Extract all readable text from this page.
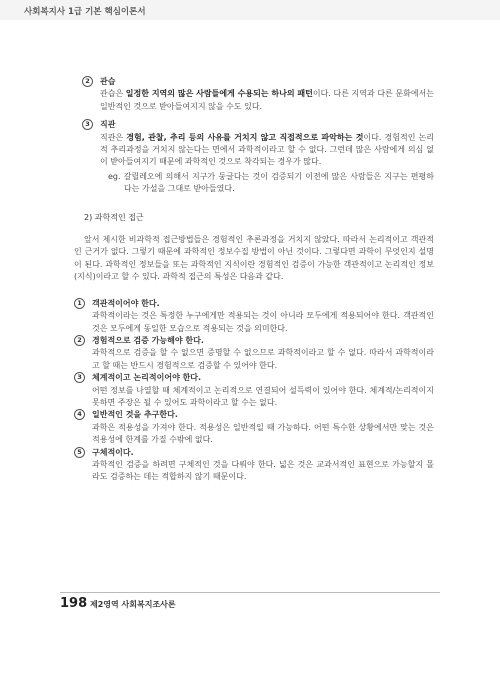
사회복지사 1급 기본 핵심이론서
2	관습
관습은 일정한 지역의 많은 사람들에게 수용되는 하나의 패턴이다. 다른 지역과 다른 문화에서는 일반적인 것으로 받아들여지지 않을 수도 있다.
3	직관
직관은 경험, 관찰, 추리 등의 사유를 거치지 않고 직접적으로 파악하는 것이다. 경험적인 논리적 추리과정을 거치지 않는다는 면에서 과학적이라고 할 수 없다. 그런데 많은 사람에게 의심 없이 받아들여지기 때문에 과학적인 것으로 착각되는 경우가 많다.
eg. 갈릴레오에 의해서 지구가 둥글다는 것이 검증되기 이전에 많은 사람들은 지구는 편평하다는 가설을 그대로 받아들였다.
2) 과학적인 접근
앞서 제시한 비과학적 접근방법들은 경험적인 추론과정을 거치지 않았다. 따라서 논리적이고 객관적인 근거가 없다. 그렇기 때문에 과학적인 정보수집 방법이 아닌 것이다. 그렇다면 과학이 무엇인지 설명이 된다. 과학적인 정보들을 또는 과학적인 지식이란 경험적인 검증이 가능한 객관적이고 논리적인 정보(지식)이라고 할 수 있다. 과학적 접근의 특성은 다음과 같다.
1	객관적이어야 한다.
과학적이라는 것은 특정한 누구에게만 적용되는 것이 아니라 모두에게 적용되어야 한다. 객관적인 것은 모두에게 동일한 모습으로 적용되는 것을 의미한다.
2	경험적으로 검증 가능해야 한다.
과학적으로 검증을 할 수 없으면 증명할 수 없으므로 과학적이라고 할 수 없다. 따라서 과학적이라고 할 때는 반드시 경험적으로 검증할 수 있어야 한다.
3	체계적이고 논리적이어야 한다.
어떤 정보를 나열할 때 체계적이고 논리적으로 연결되어 설득력이 있어야 한다. 체계적/논리적이지 못하면 주장은 될 수 있어도 과학이라고 할 수는 없다.
4	일반적인 것을 추구한다.
과학은 적용성을 가져야 한다. 적용성은 일반적일 때 가능하다. 어떤 특수한 상황에서만 맞는 것은 적용성에 한계를 가질 수밖에 없다.
5	구체적이다.
과학적인 검증을 하려면 구체적인 것을 다뤄야 한다. 넓은 것은 교과서적인 표현으로 가능할지 몰라도 검증하는 데는 적합하지 않기 때문이다.
198 제2영역 사회복지조사론
